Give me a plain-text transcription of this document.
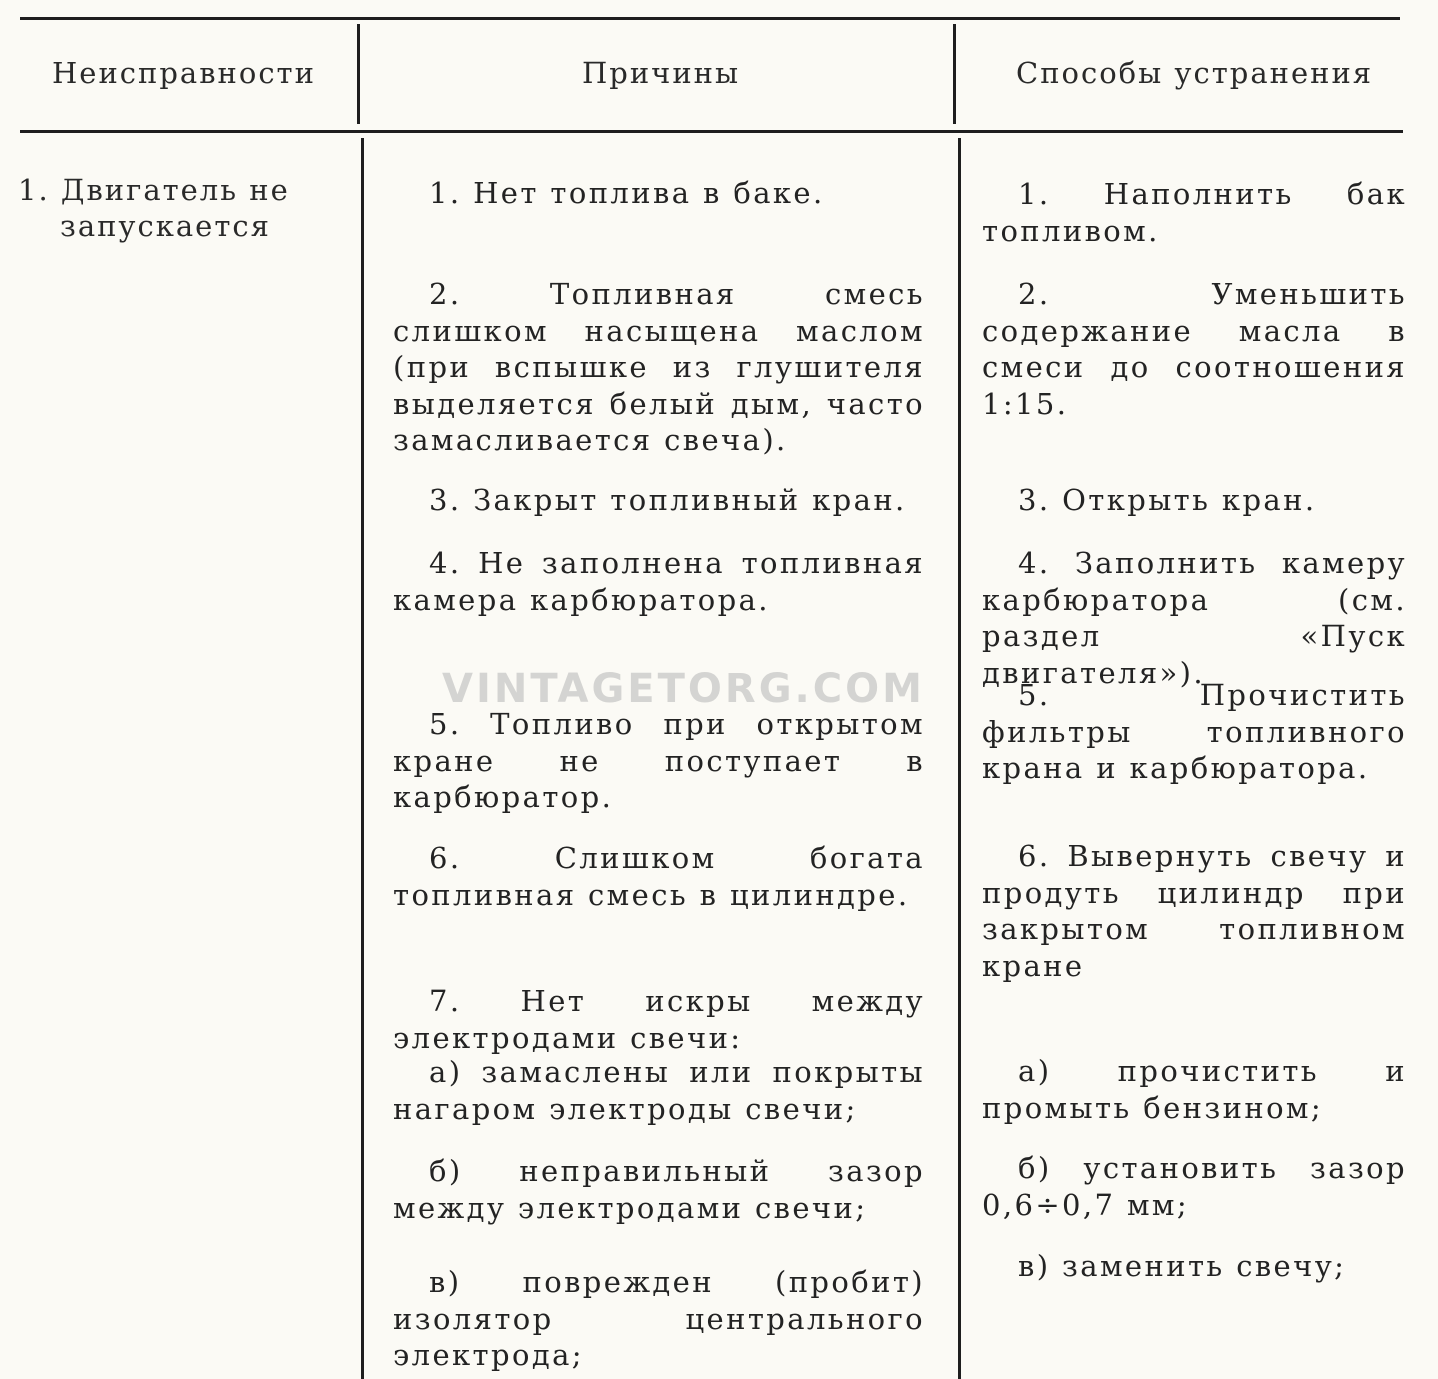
Неисправности	Причины	Способы устранения
1. Двигатель не
запускается
1. Нет топлива в баке.
2. Топливная смесь слишком насыщена маслом (при вспышке из глушителя выделяется белый дым, часто замасливается свеча).
3. Закрыт топливный кран.
4. Не заполнена топливная камера карбюратора.
5. Топливо при открытом кране не поступает в карбюратор.
6. Слишком богата топливная смесь в цилиндре.
7. Нет искры между электродами свечи:
а) замаслены или покрыты нагаром электроды свечи;
б) неправильный зазор между электродами свечи;
в) поврежден (пробит) изолятор центрального электрода;
1. Наполнить бак топливом.
2. Уменьшить содержание масла в смеси до соотношения 1:15.
3. Открыть кран.
4. Заполнить камеру карбюратора (см. раздел «Пуск двигателя»).
5. Прочистить фильтры топливного крана и карбюратора.
6. Вывернуть свечу и продуть цилиндр при закрытом топливном кране
а) прочистить и промыть бензином;
б) установить зазор 0,6÷0,7 мм;
в) заменить свечу;
VINTAGETORG.COM
